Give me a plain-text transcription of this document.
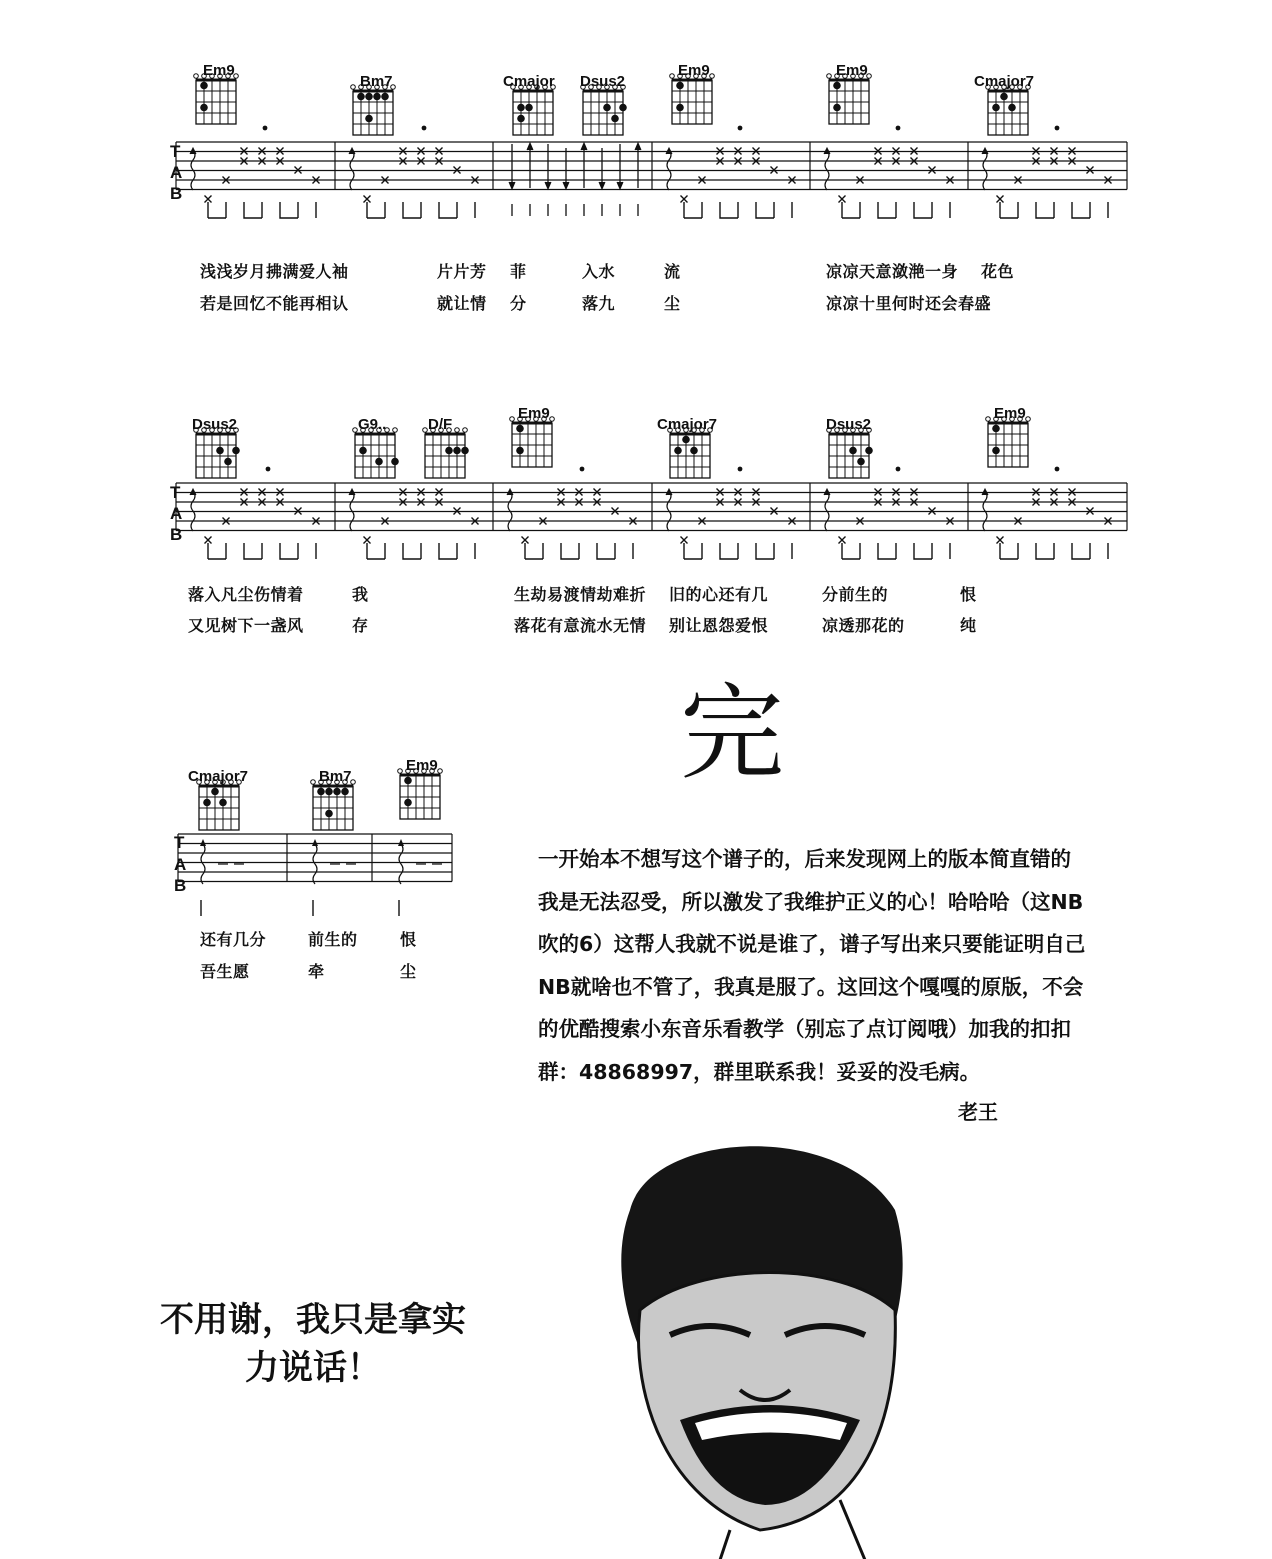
Em9
Bm7	Cmajor Dsus2
Em9	Em9
Cmajor7
Dsus2	G9..	D/F
Em9
Cmajor7	Dsus2
Em9
Cmajor7	Bm7
Em9
T
A
B
T
A
B
T
A
B
浅浅岁月拂满爱人袖	片片芳 菲	入水	流	凉凉天意潋滟一身 花色
若是回忆不能再相认	就让情 分	落九	尘	凉凉十里何时还会春盛
落入凡尘伤情着	我	生劫易渡情劫难折 旧的心还有几	分前生的	恨
又见树下一盏风	存	落花有意流水无情 别让恩怨爱恨	凉透那花的	纯
还有几分	前生的	恨
吾生愿	牵	尘
完
一开始本不想写这个谱子的，后来发现网上的版本简直错的
我是无法忍受，所以激发了我维护正义的心！哈哈哈（这NB
吹的6）这帮人我就不说是谁了，谱子写出来只要能证明自己
NB就啥也不管了，我真是服了。这回这个嘎嘎的原版，不会
的优酷搜索小东音乐看教学（别忘了点订阅哦）加我的扣扣
群：48868997，群里联系我！妥妥的没毛病。
老王
不用谢，我只是拿实
力说话！
